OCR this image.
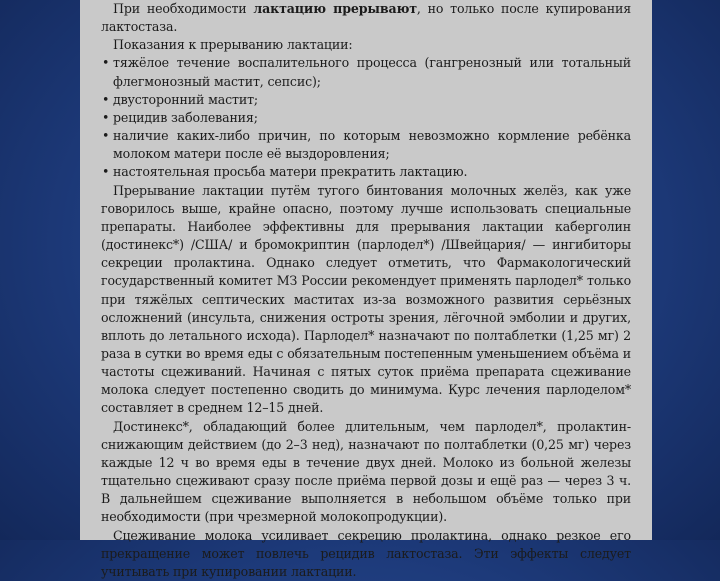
При необходимости лактацию прерывают, но только после купирования лактостаза.

Показания к прерыванию лактации:

• тяжёлое течение воспалительного процесса (гангренозный или тотальный флегмонозный мастит, сепсис);
• двусторонний мастит;
• рецидив заболевания;
• наличие каких-либо причин, по которым невозможно кормление ребёнка молоком матери после её выздоровления;
• настоятельная просьба матери прекратить лактацию.

Прерывание лактации путём тугого бинтования молочных желёз, как уже говорилось выше, крайне опасно, поэтому лучше использовать специальные препараты. Наиболее эффективны для прерывания лактации каберголин (достинекс*) /США/ и бромокриптин (парлодел*) /Швейцария/ — ингибиторы секреции пролактина. Однако следует отметить, что Фармакологический государственный комитет МЗ России рекомендует применять парлодел* только при тяжёлых септических маститах из-за возможного развития серьёзных осложнений (инсульта, снижения остроты зрения, лёгочной эмболии и других, вплоть до летального исхода). Парлодел* назначают по полтаблетки (1,25 мг) 2 раза в сутки во время еды с обязательным постепенным уменьшением объёма и частоты сцеживаний. Начиная с пятых суток приёма препарата сцеживание молока следует постепенно сводить до минимума. Курс лечения парлоделом* составляет в среднем 12–15 дней.

Достинекс*, обладающий более длительным, чем парлодел*, пролактин-снижающим действием (до 2–3 нед), назначают по полтаблетки (0,25 мг) через каждые 12 ч во время еды в течение двух дней. Молоко из больной железы тщательно сцеживают сразу после приёма первой дозы и ещё раз — через 3 ч. В дальнейшем сцеживание выполняется в небольшом объёме только при необходимости (при чрезмерной молокопродукции).

Сцеживание молока усиливает секрецию пролактина, однако резкое его прекращение может повлечь рецидив лактостаза. Эти эффекты следует учитывать при купировании лактации.
